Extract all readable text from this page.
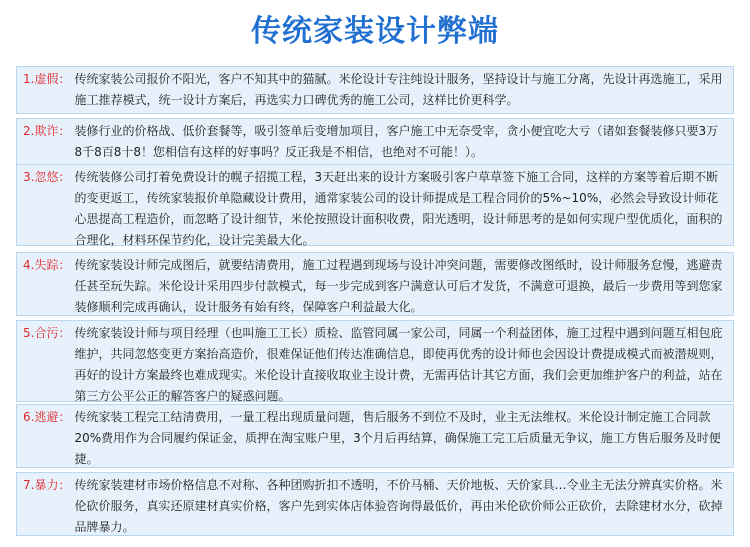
传统家装设计弊端
1.虚假： 传统家装公司报价不阳光，客户不知其中的猫腻。米伦设计专注纯设计服务，坚持设计与施工分离，先设计再选施工，采用施工推荐模式，统一设计方案后，再选实力口碑优秀的施工公司，这样比价更科学。
2.欺诈： 装修行业的价格战、低价套餐等，吸引签单后变增加项目，客户施工中无奈受宰，贪小便宜吃大亏（诸如套餐装修只要3万8千8百8十8！您相信有这样的好事吗？反正我是不相信，也绝对不可能！）。
3.忽悠： 传统装修公司打着免费设计的幌子招揽工程，3天赶出来的设计方案吸引客户草草签下施工合同，这样的方案等着后期不断的变更返工，传统家装报价单隐藏设计费用，通常家装公司的设计师提成是工程合同价的5%~10%，必然会导致设计师花心思提高工程造价，而忽略了设计细节，米伦按照设计面积收费，阳光透明，设计师思考的是如何实现户型优质化，面积的合理化，材料环保节约化，设计完美最大化。
4.失踪： 传统家装设计师完成图后，就要结清费用，施工过程遇到现场与设计冲突问题，需要修改图纸时，设计师服务怠慢，逃避责任甚至玩失踪。米伦设计采用四步付款模式，每一步完成到客户满意认可后才发货，不满意可退换，最后一步费用等到您家装修顺利完成再确认，设计服务有始有终，保障客户利益最大化。
5.合污： 传统家装设计师与项目经理（也叫施工工长）质检、监管同属一家公司，同属一个利益团体，施工过程中遇到问题互相包庇维护，共同忽悠变更方案抬高造价，很难保证他们传达准确信息，即使再优秀的设计师也会因设计费提成模式而被潜规则，再好的设计方案最终也难成现实。米伦设计直接收取业主设计费，无需再估计其它方面，我们会更加维护客户的利益，站在第三方公平公正的解答客户的疑惑问题。
6.逃避： 传统家装工程完工结清费用，一量工程出现质量问题，售后服务不到位不及时，业主无法维权。米伦设计制定施工合同款20%费用作为合同履约保证金，质押在淘宝账户里，3个月后再结算，确保施工完工后质量无争议，施工方售后服务及时便捷。
7.暴力： 传统家装建材市场价格信息不对称、各种团购折扣不透明，不价马桶、天价地板、天价家具…令业主无法分辨真实价格。米伦砍价服务，真实还原建材真实价格，客户先到实体店体验咨询得最低价，再由米伦砍价师公正砍价，去除建材水分，砍掉品牌暴力。
